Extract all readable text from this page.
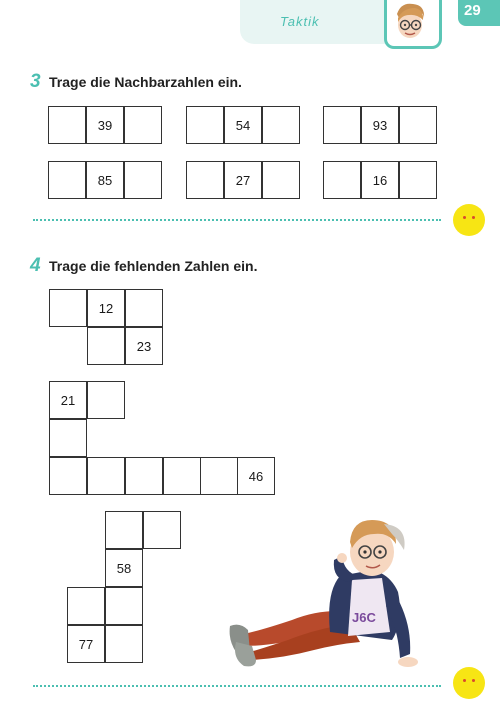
Taktik
29
3 Trage die Nachbarzahlen ein.
39	54	93
85	27	16
4 Trage die fehlenden Zahlen ein.
12
23
21
46
58
77
J6C
